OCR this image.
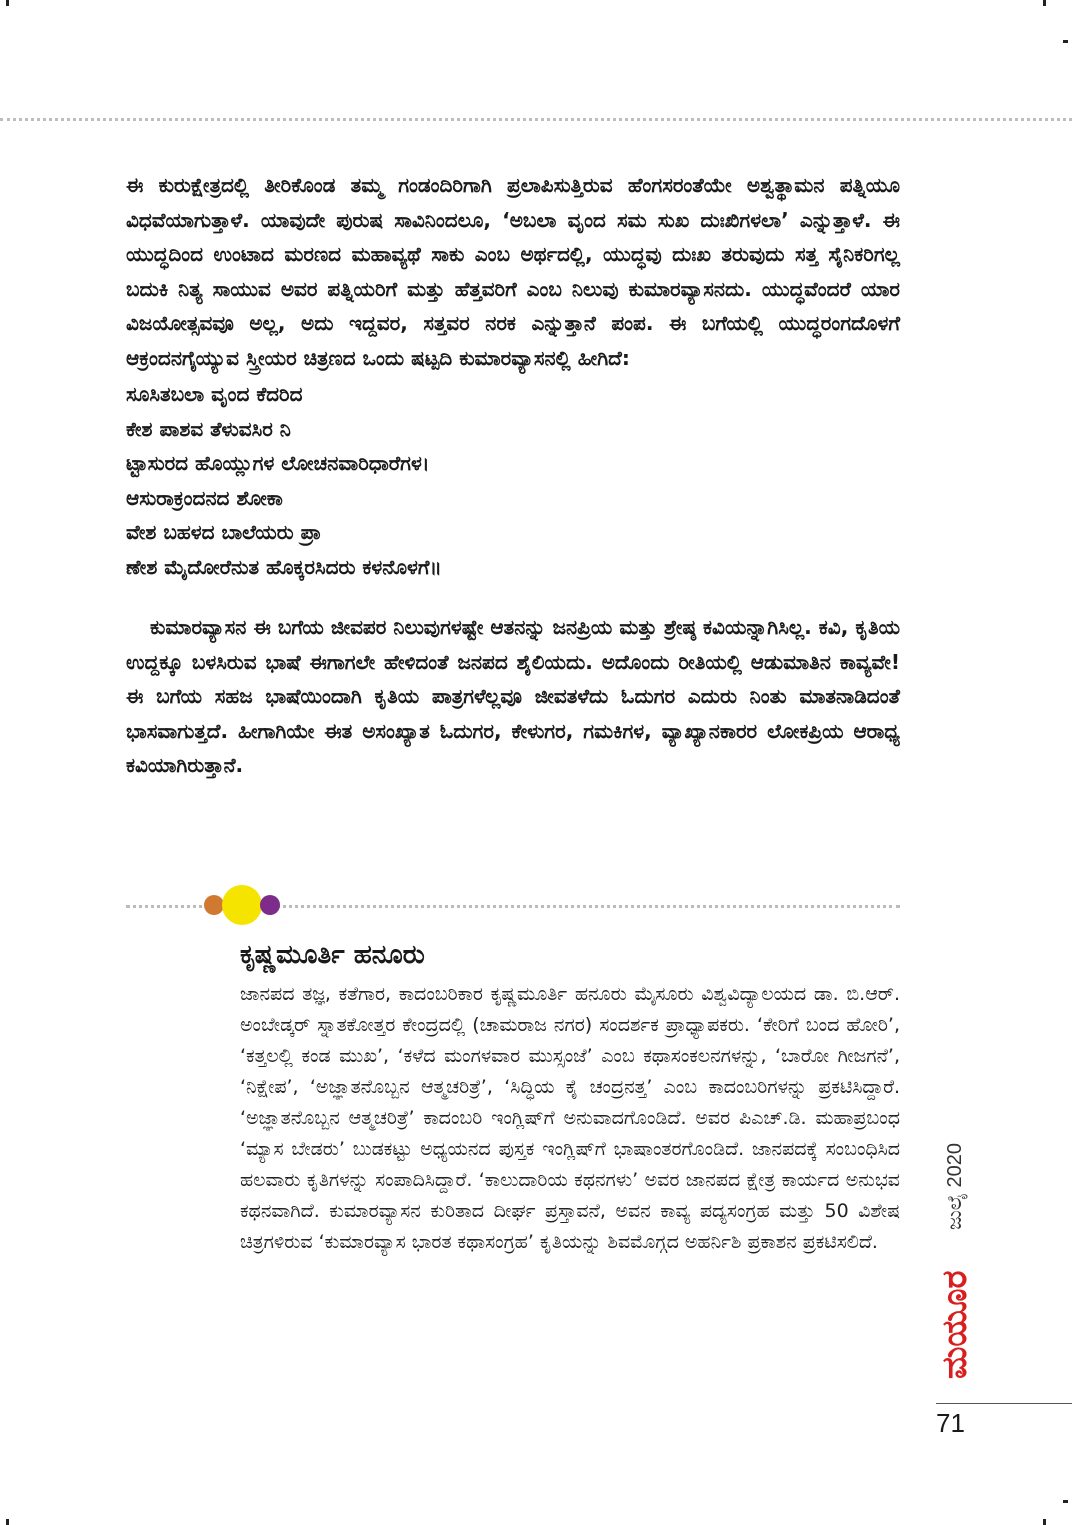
ಈ ಕುರುಕ್ಷೇತ್ರದಲ್ಲಿ ತೀರಿಕೊಂಡ ತಮ್ಮ ಗಂಡಂದಿರಿಗಾಗಿ ಪ್ರಲಾಪಿಸುತ್ತಿರುವ ಹೆಂಗಸರಂತೆಯೇ ಅಶ್ವತ್ಥಾಮನ ಪತ್ನಿಯೂ ವಿಧವೆಯಾಗುತ್ತಾಳೆ. ಯಾವುದೇ ಪುರುಷ ಸಾವಿನಿಂದಲೂ, ‘ಅಬಲಾ ವೃಂದ ಸಮ ಸುಖ ದುಃಖಿಗಳಲಾ’ ಎನ್ನುತ್ತಾಳೆ. ಈ ಯುದ್ಧದಿಂದ ಉಂಟಾದ ಮರಣದ ಮಹಾವ್ಯಥೆ ಸಾಕು ಎಂಬ ಅರ್ಥದಲ್ಲಿ, ಯುದ್ಧವು ದುಃಖ ತರುವುದು ಸತ್ತ ಸೈನಿಕರಿಗಲ್ಲ ಬದುಕಿ ನಿತ್ಯ ಸಾಯುವ ಅವರ ಪತ್ನಿಯರಿಗೆ ಮತ್ತು ಹೆತ್ತವರಿಗೆ ಎಂಬ ನಿಲುವು ಕುಮಾರವ್ಯಾಸನದು. ಯುದ್ಧವೆಂದರೆ ಯಾರ ವಿಜಯೋತ್ಸವವೂ ಅಲ್ಲ, ಅದು ಇದ್ದವರ, ಸತ್ತವರ ನರಕ ಎನ್ನುತ್ತಾನೆ ಪಂಪ. ಈ ಬಗೆಯಲ್ಲಿ ಯುದ್ಧರಂಗದೊಳಗೆ ಆಕ್ರಂದನಗೈಯ್ಯುವ ಸ್ತ್ರೀಯರ ಚಿತ್ರಣದ ಒಂದು ಷಟ್ಪದಿ ಕುಮಾರವ್ಯಾಸನಲ್ಲಿ ಹೀಗಿದೆ:

ಸೂಸಿತಬಲಾ ವೃಂದ ಕೆದರಿದ
ಕೇಶ ಪಾಶವ ತೆಳುವಸಿರ ನಿ
ಟ್ಟಾಸುರದ ಹೊಯ್ಲುಗಳ ಲೋಚನವಾರಿಧಾರೆಗಳ।
ಆಸುರಾಕ್ರಂದನದ ಶೋಕಾ
ವೇಶ ಬಹಳದ ಬಾಲೆಯರು ಪ್ರಾ
ಣೇಶ ಮೈದೋರೆನುತ ಹೊಕ್ಕರಸಿದರು ಕಳನೊಳಗೆ॥

ಕುಮಾರವ್ಯಾಸನ ಈ ಬಗೆಯ ಜೀವಪರ ನಿಲುವುಗಳಷ್ಟೇ ಆತನನ್ನು ಜನಪ್ರಿಯ ಮತ್ತು ಶ್ರೇಷ್ಠ ಕವಿಯನ್ನಾಗಿಸಿಲ್ಲ. ಕವಿ, ಕೃತಿಯ ಉದ್ದಕ್ಕೂ ಬಳಸಿರುವ ಭಾಷೆ ಈಗಾಗಲೇ ಹೇಳಿದಂತೆ ಜನಪದ ಶೈಲಿಯದು. ಅದೊಂದು ರೀತಿಯಲ್ಲಿ ಆಡುಮಾತಿನ ಕಾವ್ಯವೇ! ಈ ಬಗೆಯ ಸಹಜ ಭಾಷೆಯಿಂದಾಗಿ ಕೃತಿಯ ಪಾತ್ರಗಳೆಲ್ಲವೂ ಜೀವತಳೆದು ಓದುಗರ ಎದುರು ನಿಂತು ಮಾತನಾಡಿದಂತೆ ಭಾಸವಾಗುತ್ತದೆ. ಹೀಗಾಗಿಯೇ ಈತ ಅಸಂಖ್ಯಾತ ಓದುಗರ, ಕೇಳುಗರ, ಗಮಕಿಗಳ, ವ್ಯಾಖ್ಯಾನಕಾರರ ಲೋಕಪ್ರಿಯ ಆರಾಧ್ಯ ಕವಿಯಾಗಿರುತ್ತಾನೆ.

ಕೃಷ್ಣಮೂರ್ತಿ ಹನೂರು

ಜಾನಪದ ತಜ್ಞ, ಕತೆಗಾರ, ಕಾದಂಬರಿಕಾರ ಕೃಷ್ಣಮೂರ್ತಿ ಹನೂರು ಮೈಸೂರು ವಿಶ್ವವಿದ್ಯಾಲಯದ ಡಾ. ಬಿ.ಆರ್. ಅಂಬೇಡ್ಕರ್ ಸ್ನಾತಕೋತ್ತರ ಕೇಂದ್ರದಲ್ಲಿ (ಚಾಮರಾಜ ನಗರ) ಸಂದರ್ಶಕ ಪ್ರಾಧ್ಯಾಪಕರು. ‘ಕೇರಿಗೆ ಬಂದ ಹೋರಿ’, ‘ಕತ್ತಲಲ್ಲಿ ಕಂಡ ಮುಖ’, ‘ಕಳೆದ ಮಂಗಳವಾರ ಮುಸ್ಸಂಜೆ’ ಎಂಬ ಕಥಾಸಂಕಲನಗಳನ್ನು, ‘ಬಾರೋ ಗೀಜಗನೆ’, ‘ನಿಕ್ಷೇಪ’, ‘ಅಜ್ಞಾತನೊಬ್ಬನ ಆತ್ಮಚರಿತ್ರೆ’, ‘ಸಿದ್ಧಿಯ ಕೈ ಚಂದ್ರನತ್ತ’ ಎಂಬ ಕಾದಂಬರಿಗಳನ್ನು ಪ್ರಕಟಿಸಿದ್ದಾರೆ. ‘ಅಜ್ಞಾತನೊಬ್ಬನ ಆತ್ಮಚರಿತ್ರೆ’ ಕಾದಂಬರಿ ಇಂಗ್ಲಿಷ್‌ಗೆ ಅನುವಾದಗೊಂಡಿದೆ. ಅವರ ಪಿಎಚ್.ಡಿ. ಮಹಾಪ್ರಬಂಧ ‘ಮ್ಯಾಸ ಬೇಡರು’ ಬುಡಕಟ್ಟು ಅಧ್ಯಯನದ ಪುಸ್ತಕ ಇಂಗ್ಲಿಷ್‌ಗೆ ಭಾಷಾಂತರಗೊಂಡಿದೆ. ಜಾನಪದಕ್ಕೆ ಸಂಬಂಧಿಸಿದ ಹಲವಾರು ಕೃತಿಗಳನ್ನು ಸಂಪಾದಿಸಿದ್ದಾರೆ. ‘ಕಾಲುದಾರಿಯ ಕಥನಗಳು’ ಅವರ ಜಾನಪದ ಕ್ಷೇತ್ರ ಕಾರ್ಯದ ಅನುಭವ ಕಥನವಾಗಿದೆ. ಕುಮಾರವ್ಯಾಸನ ಕುರಿತಾದ ದೀರ್ಘ ಪ್ರಸ್ತಾವನೆ, ಅವನ ಕಾವ್ಯ ಪದ್ಯಸಂಗ್ರಹ ಮತ್ತು 50 ವಿಶೇಷ ಚಿತ್ರಗಳಿರುವ ‘ಕುಮಾರವ್ಯಾಸ ಭಾರತ ಕಥಾಸಂಗ್ರಹ’ ಕೃತಿಯನ್ನು ಶಿವಮೊಗ್ಗದ ಅಹರ್ನಿಶಿ ಪ್ರಕಾಶನ ಪ್ರಕಟಿಸಲಿದೆ.

ಜುಲೈ 2020
ಮಯೂರ
71
